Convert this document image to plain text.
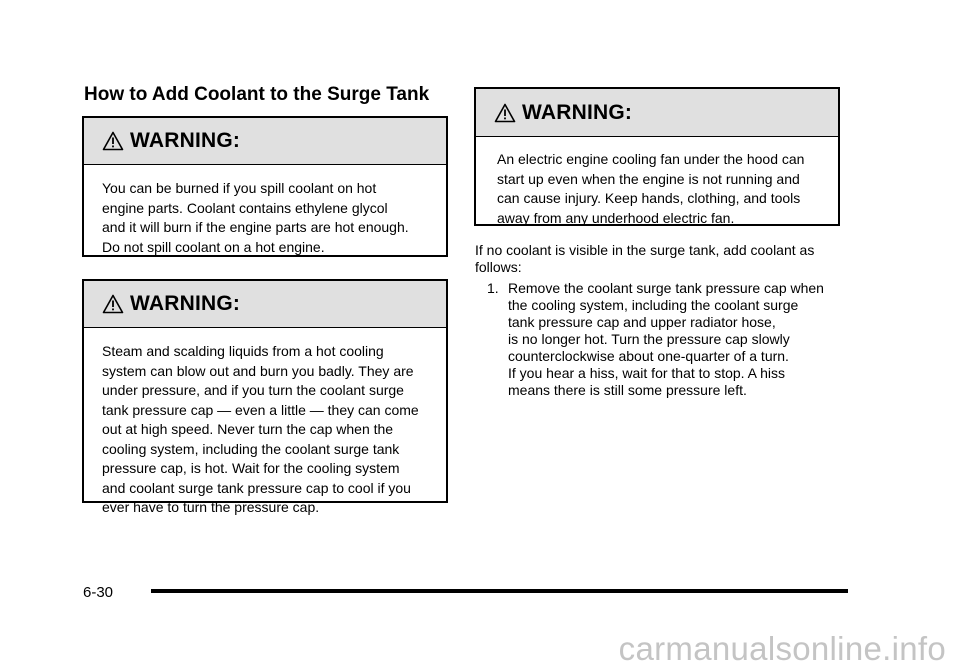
How to Add Coolant to the Surge Tank
WARNING:
You can be burned if you spill coolant on hot
engine parts. Coolant contains ethylene glycol
and it will burn if the engine parts are hot enough.
Do not spill coolant on a hot engine.
WARNING:
Steam and scalding liquids from a hot cooling
system can blow out and burn you badly. They are
under pressure, and if you turn the coolant surge
tank pressure cap — even a little — they can come
out at high speed. Never turn the cap when the
cooling system, including the coolant surge tank
pressure cap, is hot. Wait for the cooling system
and coolant surge tank pressure cap to cool if you
ever have to turn the pressure cap.
WARNING:
An electric engine cooling fan under the hood can
start up even when the engine is not running and
can cause injury. Keep hands, clothing, and tools
away from any underhood electric fan.
If no coolant is visible in the surge tank, add coolant as
follows:
1. Remove the coolant surge tank pressure cap when
the cooling system, including the coolant surge
tank pressure cap and upper radiator hose,
is no longer hot. Turn the pressure cap slowly
counterclockwise about one-quarter of a turn.
If you hear a hiss, wait for that to stop. A hiss
means there is still some pressure left.
6-30
carmanualsonline.info
